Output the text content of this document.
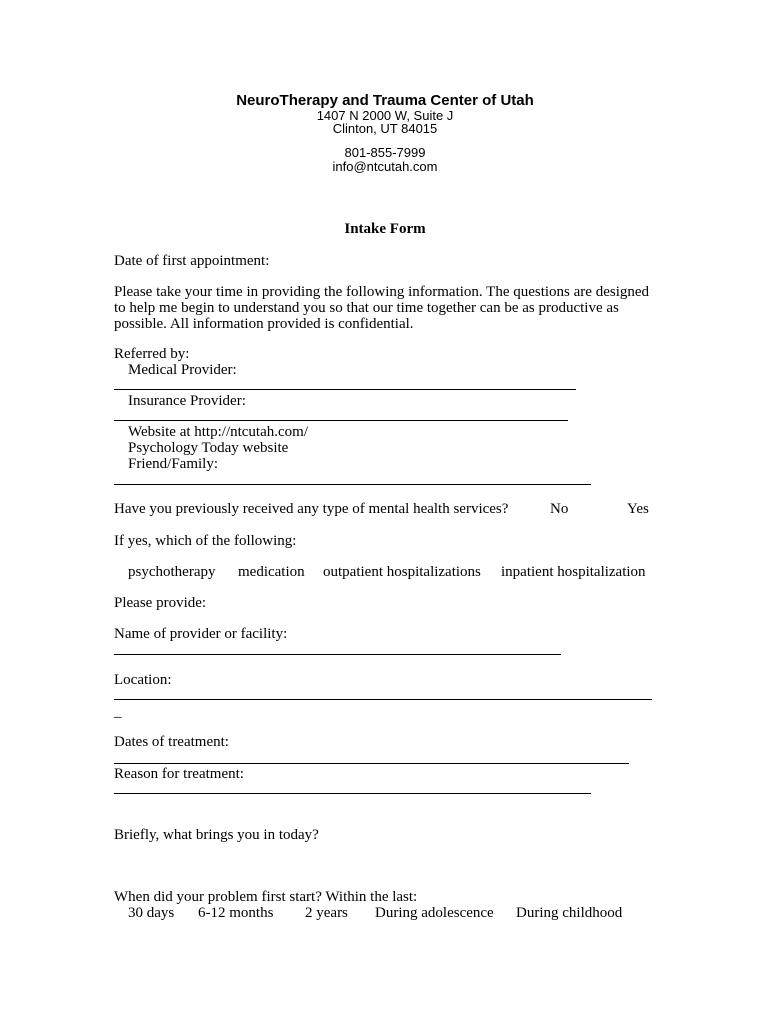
NeuroTherapy and Trauma Center of Utah
1407 N 2000 W, Suite J
Clinton, UT 84015
801-855-7999
info@ntcutah.com
Intake Form
Date of first appointment:
Please take your time in providing the following information. The questions are designed
to help me begin to understand you so that our time together can be as productive as
possible. All information provided is confidential.
Referred by:
Medical Provider:
Insurance Provider:
Website at http://ntcutah.com/
Psychology Today website
Friend/Family:
Have you previously received any type of mental health services?	No	Yes
If yes, which of the following:
psychotherapy medication outpatient hospitalizations inpatient hospitalization
Please provide:
Name of provider or facility:
Location:
_
Dates of treatment:
Reason for treatment:
Briefly, what brings you in today?
When did your problem first start? Within the last:
30 days 6-12 months 2 years During adolescence During childhood
